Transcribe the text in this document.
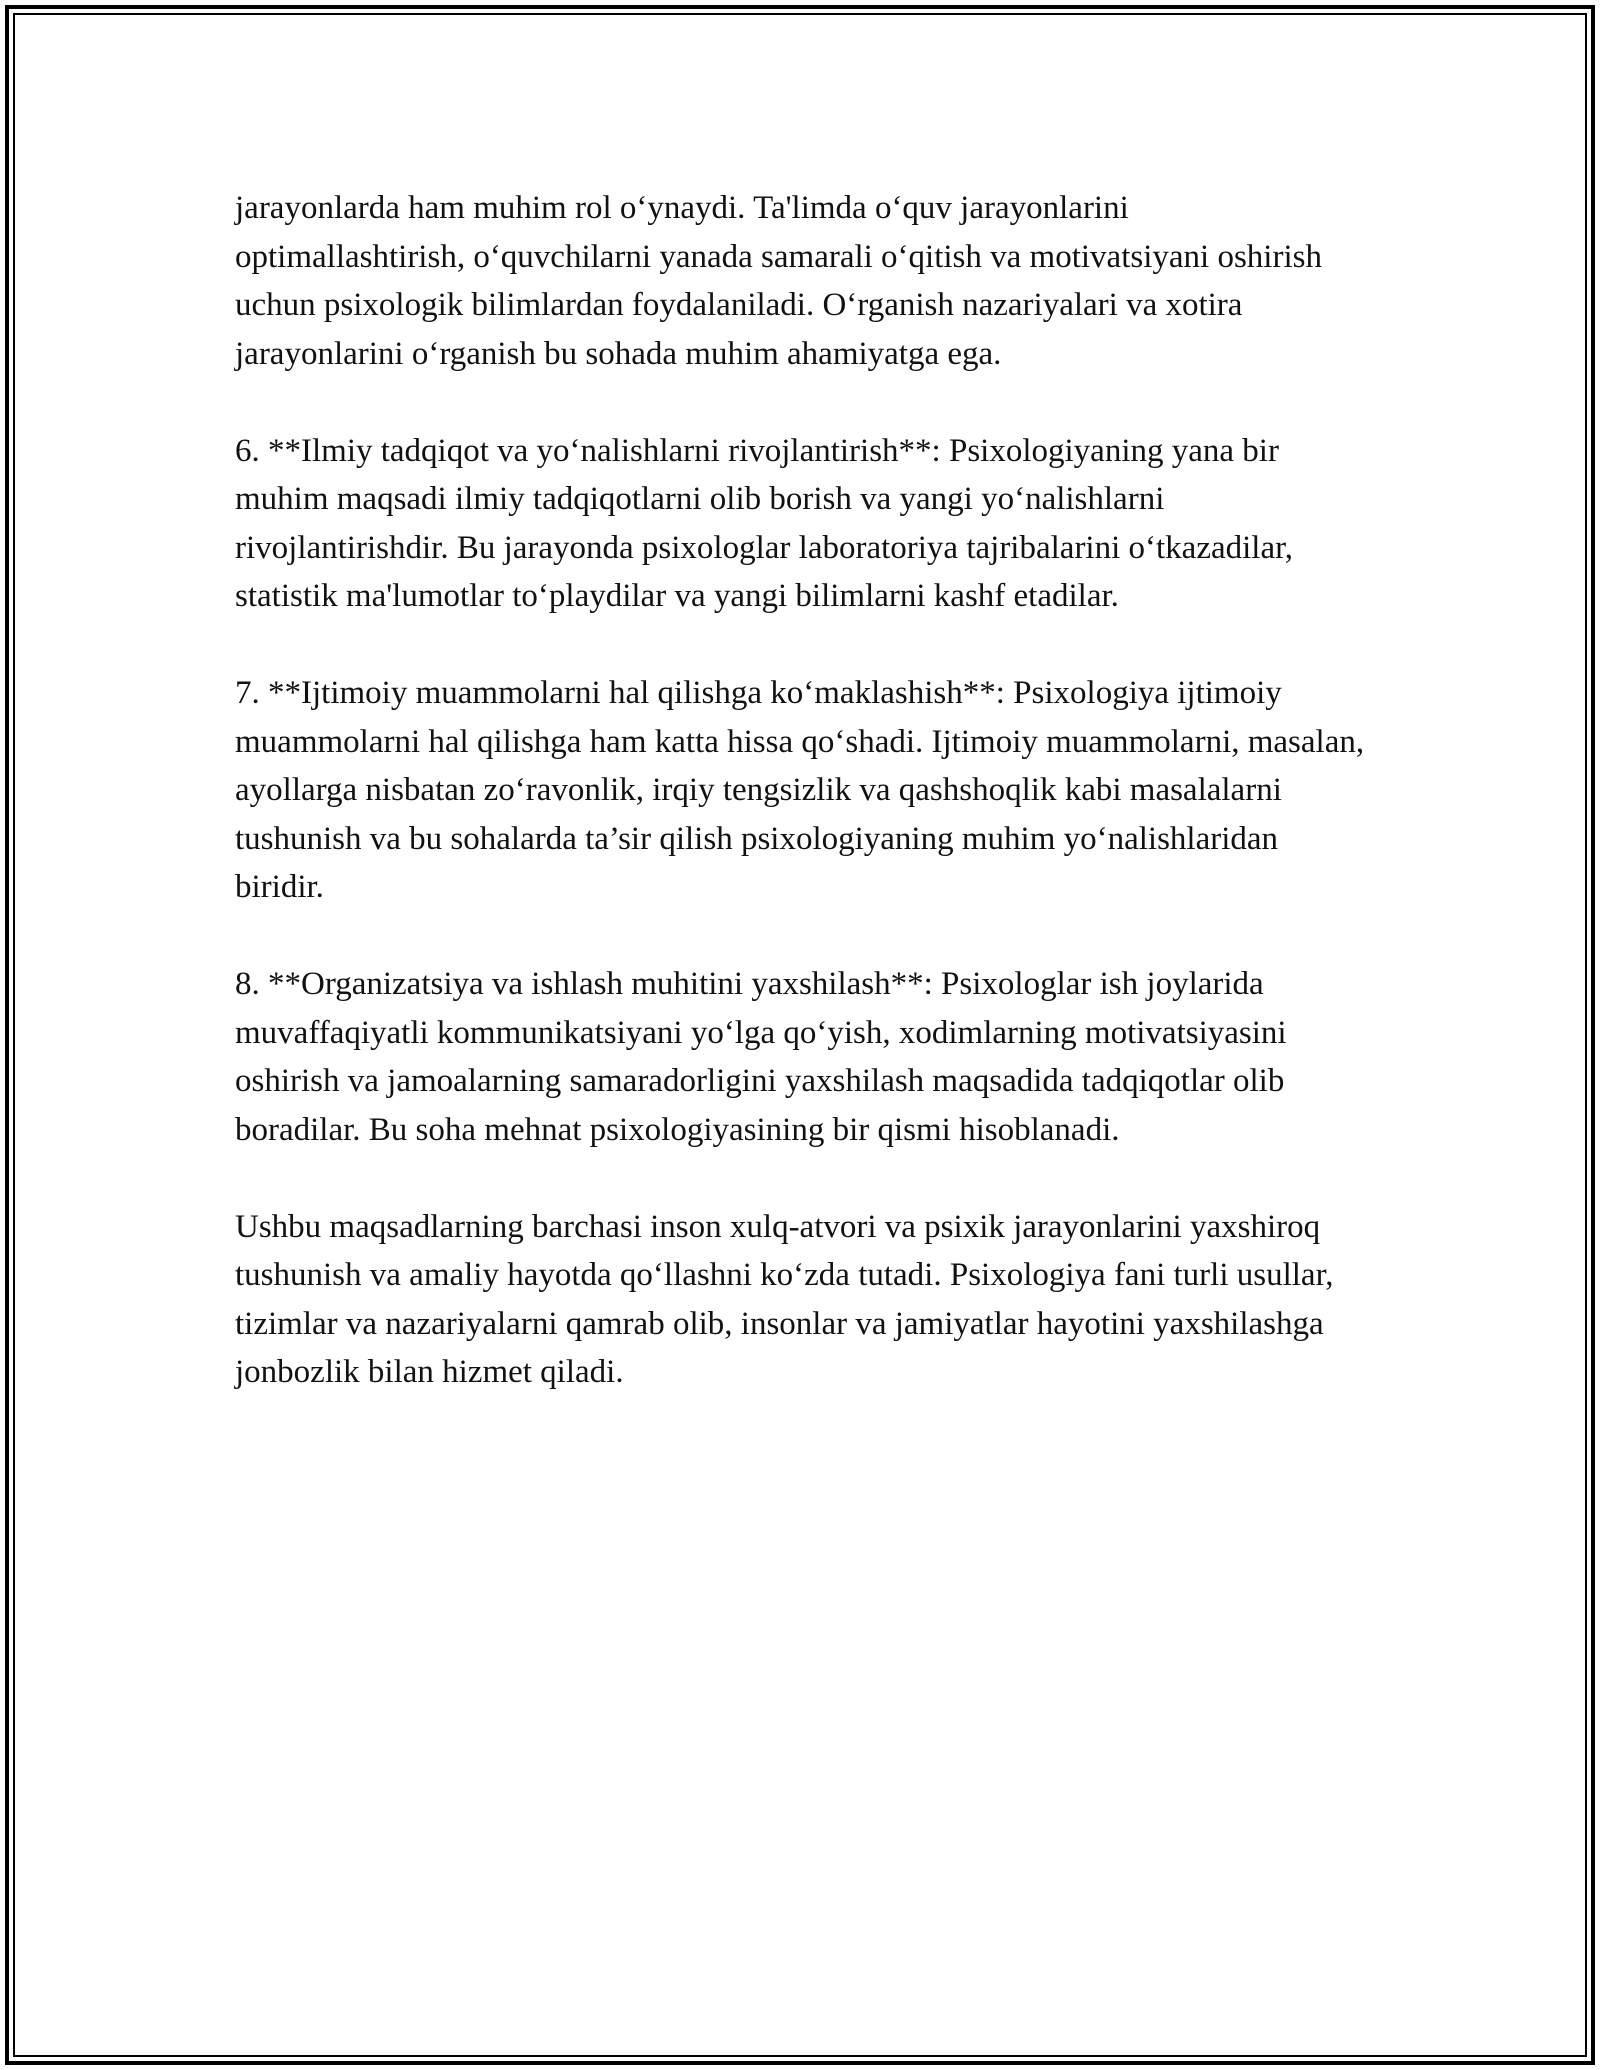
jarayonlarda ham muhim rol o‘ynaydi. Ta'limda o‘quv jarayonlarini optimallashtirish, o‘quvchilarni yanada samarali o‘qitish va motivatsiyani oshirish uchun psixologik bilimlardan foydalaniladi. O‘rganish nazariyalari va xotira jarayonlarini o‘rganish bu sohada muhim ahamiyatga ega.

6. **Ilmiy tadqiqot va yo‘nalishlarni rivojlantirish**: Psixologiyaning yana bir muhim maqsadi ilmiy tadqiqotlarni olib borish va yangi yo‘nalishlarni rivojlantirishdir. Bu jarayonda psixologlar laboratoriya tajribalarini o‘tkazadilar, statistik ma'lumotlar to‘playdilar va yangi bilimlarni kashf etadilar.

7. **Ijtimoiy muammolarni hal qilishga ko‘maklashish**: Psixologiya ijtimoiy muammolarni hal qilishga ham katta hissa qo‘shadi. Ijtimoiy muammolarni, masalan, ayollarga nisbatan zo‘ravonlik, irqiy tengsizlik va qashshoqlik kabi masalalarni tushunish va bu sohalarda ta’sir qilish psixologiyaning muhim yo‘nalishlaridan biridir.

8. **Organizatsiya va ishlash muhitini yaxshilash**: Psixologlar ish joylarida muvaffaqiyatli kommunikatsiyani yo‘lga qo‘yish, xodimlarning motivatsiyasini oshirish va jamoalarning samaradorligini yaxshilash maqsadida tadqiqotlar olib boradilar. Bu soha mehnat psixologiyasining bir qismi hisoblanadi.

Ushbu maqsadlarning barchasi inson xulq-atvori va psixik jarayonlarini yaxshiroq tushunish va amaliy hayotda qo‘llashni ko‘zda tutadi. Psixologiya fani turli usullar, tizimlar va nazariyalarni qamrab olib, insonlar va jamiyatlar hayotini yaxshilashga jonbozlik bilan hizmet qiladi.
